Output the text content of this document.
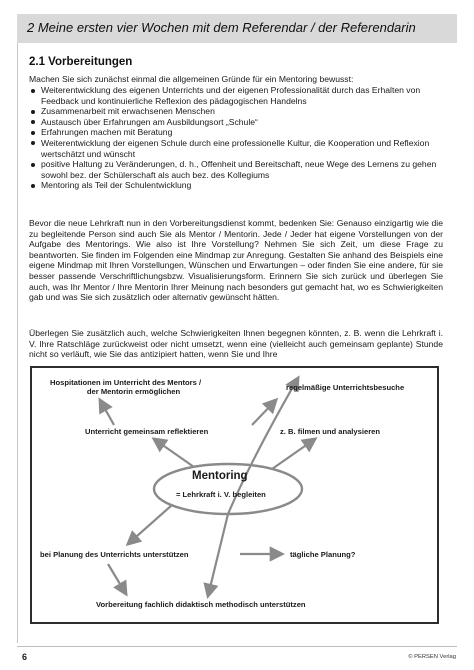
2 Meine ersten vier Wochen mit dem Referendar / der Referendarin
2.1 Vorbereitungen
Machen Sie sich zunächst einmal die allgemeinen Gründe für ein Mentoring bewusst:
Weiterentwicklung des eigenen Unterrichts und der eigenen Professionalität durch das Erhalten von Feedback und kontinuierliche Reflexion des pädagogischen Handelns
Zusammenarbeit mit erwachsenen Menschen
Austausch über Erfahrungen am Ausbildungsort „Schule“
Erfahrungen machen mit Beratung
Weiterentwicklung der eigenen Schule durch eine professionelle Kultur, die Kooperation und Reflexion wertschätzt und wünscht
positive Haltung zu Veränderungen, d. h., Offenheit und Bereitschaft, neue Wege des Lernens zu gehen sowohl bez. der Schülerschaft als auch bez. des Kollegiums
Mentoring als Teil der Schulentwicklung
Bevor die neue Lehrkraft nun in den Vorbereitungsdienst kommt, bedenken Sie: Genauso einzigartig wie die zu begleitende Person sind auch Sie als Mentor / Mentorin. Jede / Jeder hat eigene Vorstellungen von der Aufgabe des Mentorings. Wie also ist Ihre Vorstellung? Nehmen Sie sich Zeit, um diese Frage zu beantworten. Sie finden im Folgenden eine Mindmap zur Anregung. Gestalten Sie anhand des Beispiels eine eigene Mindmap mit Ihren Vorstellungen, Wünschen und Erwartungen – oder finden Sie eine andere, für sie besser passende Verschriftlichungsbzw. Visualisierungsform. Erinnern Sie sich zurück und überlegen Sie auch, was Ihr Mentor / Ihre Mentorin Ihrer Meinung nach besonders gut gemacht hat, wo es Schwierigkeiten gab und was Sie sich zusätzlich oder alternativ gewünscht hätten.
Überlegen Sie zusätzlich auch, welche Schwierigkeiten Ihnen begegnen könnten, z. B. wenn die Lehrkraft i. V. Ihre Ratschläge zurückweist oder nicht umsetzt, wenn eine (vielleicht auch gemeinsam geplante) Stunde nicht so verläuft, wie Sie das antizipiert hatten, wenn Sie und Ihre
Hospitationen im Unterricht des Mentors /
der Mentorin ermöglichen	regelmäßige Unterrichtsbesuche
Unterricht gemeinsam reflektieren	z. B. filmen und analysieren
Mentoring
= Lehrkraft i. V. begleiten
bei Planung des Unterrichts unterstützen	tägliche Planung?
Vorbereitung fachlich didaktisch methodisch unterstützen
6	© PERSEN Verlag
